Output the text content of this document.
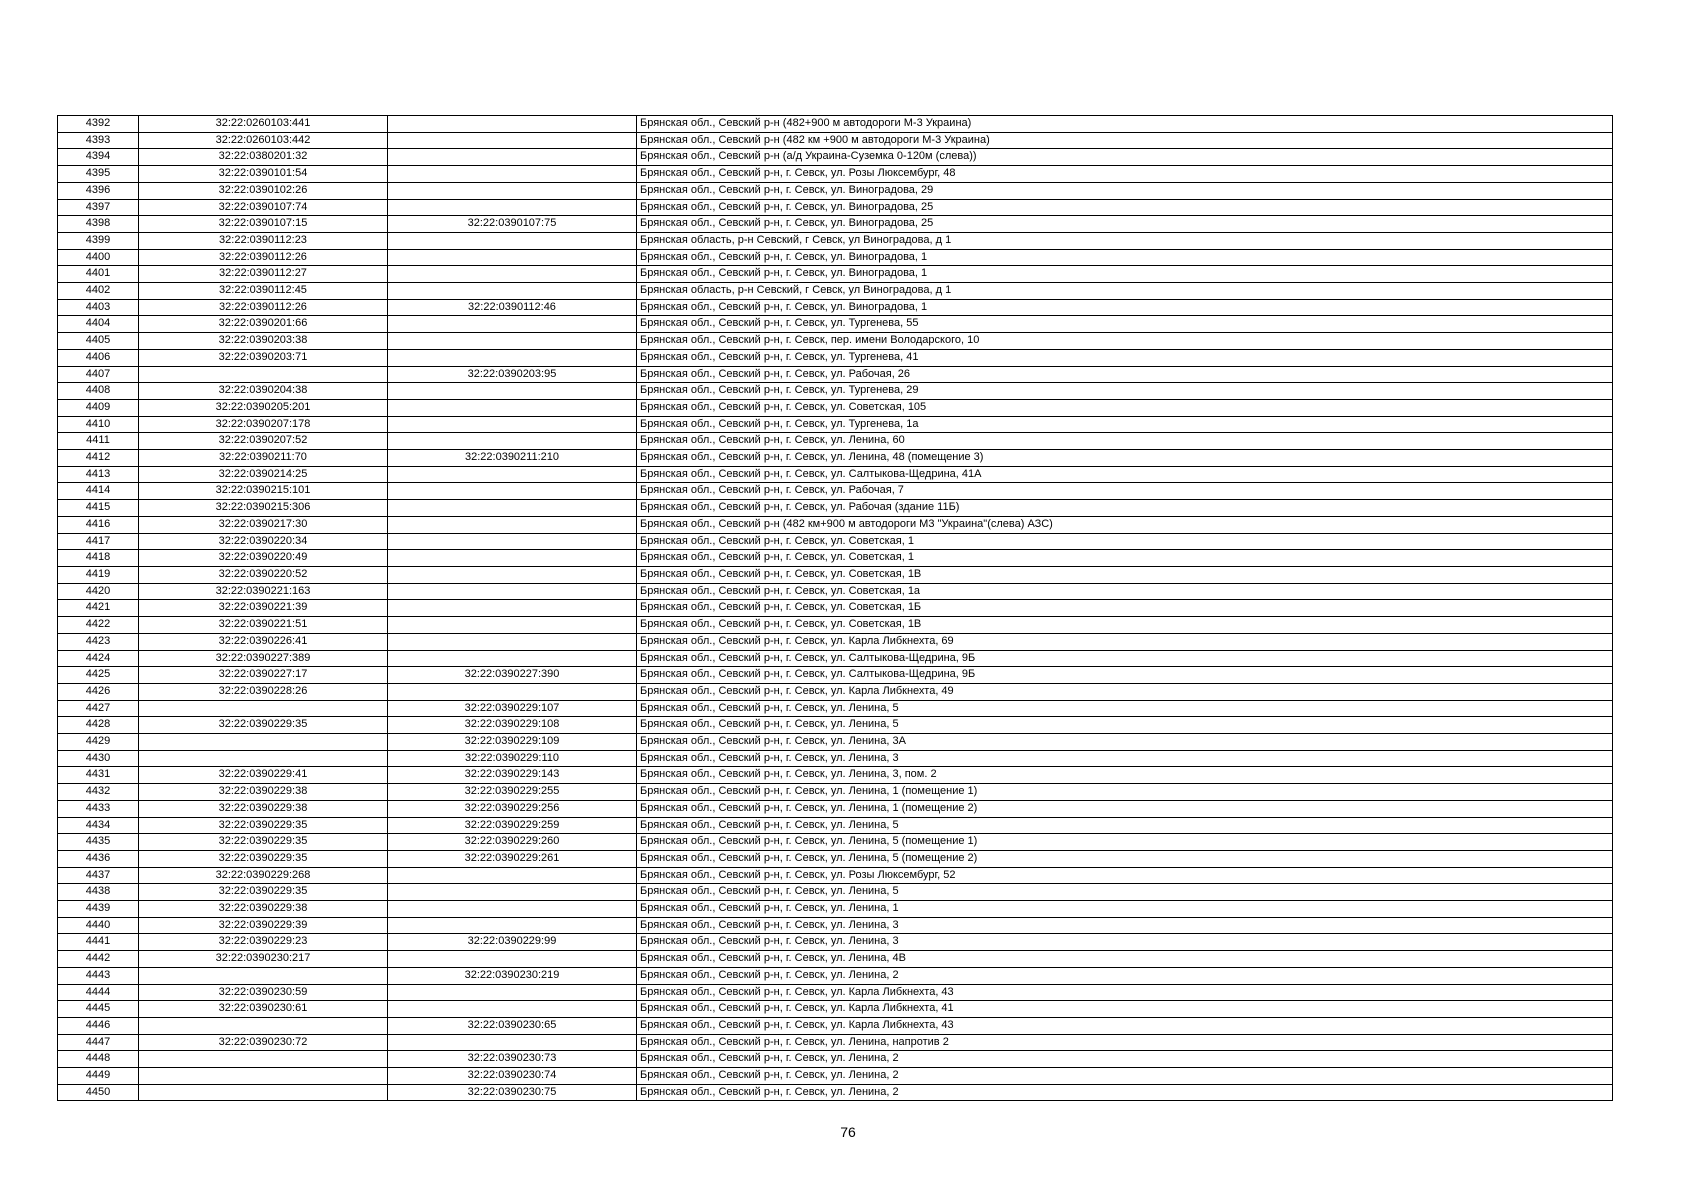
4392	32:22:0260103:441		Брянская обл., Севский р-н (482+900 м автодороги М-3 Украина)
4393	32:22:0260103:442		Брянская обл., Севский р-н (482 км +900 м автодороги М-3 Украина)
4394	32:22:0380201:32		Брянская обл., Севский р-н (а/д Украина-Суземка 0-120м (слева))
4395	32:22:0390101:54		Брянская обл., Севский р-н, г. Севск, ул. Розы Люксембург, 48
4396	32:22:0390102:26		Брянская обл., Севский р-н, г. Севск, ул. Виноградова, 29
4397	32:22:0390107:74		Брянская обл., Севский р-н, г. Севск, ул. Виноградова, 25
4398	32:22:0390107:15	32:22:0390107:75	Брянская обл., Севский р-н, г. Севск, ул. Виноградова, 25
4399	32:22:0390112:23		Брянская область, р-н Севский, г Севск, ул Виноградова, д 1
4400	32:22:0390112:26		Брянская обл., Севский р-н, г. Севск, ул. Виноградова, 1
4401	32:22:0390112:27		Брянская обл., Севский р-н, г. Севск, ул. Виноградова, 1
4402	32:22:0390112:45		Брянская область, р-н Севский, г Севск, ул Виноградова, д 1
4403	32:22:0390112:26	32:22:0390112:46	Брянская обл., Севский р-н, г. Севск, ул. Виноградова, 1
4404	32:22:0390201:66		Брянская обл., Севский р-н, г. Севск, ул. Тургенева, 55
4405	32:22:0390203:38		Брянская обл., Севский р-н, г. Севск, пер. имени Володарского, 10
4406	32:22:0390203:71		Брянская обл., Севский р-н, г. Севск, ул. Тургенева, 41
4407		32:22:0390203:95	Брянская обл., Севский р-н, г. Севск, ул. Рабочая, 26
4408	32:22:0390204:38		Брянская обл., Севский р-н, г. Севск, ул. Тургенева, 29
4409	32:22:0390205:201		Брянская обл., Севский р-н, г. Севск, ул. Советская, 105
4410	32:22:0390207:178		Брянская обл., Севский р-н, г. Севск, ул. Тургенева, 1а
4411	32:22:0390207:52		Брянская обл., Севский р-н, г. Севск, ул. Ленина, 60
4412	32:22:0390211:70	32:22:0390211:210	Брянская обл., Севский р-н, г. Севск, ул. Ленина, 48 (помещение 3)
4413	32:22:0390214:25		Брянская обл., Севский р-н, г. Севск, ул. Салтыкова-Щедрина, 41А
4414	32:22:0390215:101		Брянская обл., Севский р-н, г. Севск, ул. Рабочая, 7
4415	32:22:0390215:306		Брянская обл., Севский р-н, г. Севск, ул. Рабочая (здание 11Б)
4416	32:22:0390217:30		Брянская обл., Севский р-н (482 км+900 м автодороги М3 "Украина"(слева) АЗС)
4417	32:22:0390220:34		Брянская обл., Севский р-н, г. Севск, ул. Советская, 1
4418	32:22:0390220:49		Брянская обл., Севский р-н, г. Севск, ул. Советская, 1
4419	32:22:0390220:52		Брянская обл., Севский р-н, г. Севск, ул. Советская, 1В
4420	32:22:0390221:163		Брянская обл., Севский р-н, г. Севск, ул. Советская, 1а
4421	32:22:0390221:39		Брянская обл., Севский р-н, г. Севск, ул. Советская, 1Б
4422	32:22:0390221:51		Брянская обл., Севский р-н, г. Севск, ул. Советская, 1В
4423	32:22:0390226:41		Брянская обл., Севский р-н, г. Севск, ул. Карла Либкнехта, 69
4424	32:22:0390227:389		Брянская обл., Севский р-н, г. Севск, ул. Салтыкова-Щедрина, 9Б
4425	32:22:0390227:17	32:22:0390227:390	Брянская обл., Севский р-н, г. Севск, ул. Салтыкова-Щедрина, 9Б
4426	32:22:0390228:26		Брянская обл., Севский р-н, г. Севск, ул. Карла Либкнехта, 49
4427		32:22:0390229:107	Брянская обл., Севский р-н, г. Севск, ул. Ленина, 5
4428	32:22:0390229:35	32:22:0390229:108	Брянская обл., Севский р-н, г. Севск, ул. Ленина, 5
4429		32:22:0390229:109	Брянская обл., Севский р-н, г. Севск, ул. Ленина, 3А
4430		32:22:0390229:110	Брянская обл., Севский р-н, г. Севск, ул. Ленина, 3
4431	32:22:0390229:41	32:22:0390229:143	Брянская обл., Севский р-н, г. Севск, ул. Ленина, 3, пом. 2
4432	32:22:0390229:38	32:22:0390229:255	Брянская обл., Севский р-н, г. Севск, ул. Ленина, 1 (помещение 1)
4433	32:22:0390229:38	32:22:0390229:256	Брянская обл., Севский р-н, г. Севск, ул. Ленина, 1 (помещение 2)
4434	32:22:0390229:35	32:22:0390229:259	Брянская обл., Севский р-н, г. Севск, ул. Ленина, 5
4435	32:22:0390229:35	32:22:0390229:260	Брянская обл., Севский р-н, г. Севск, ул. Ленина, 5 (помещение 1)
4436	32:22:0390229:35	32:22:0390229:261	Брянская обл., Севский р-н, г. Севск, ул. Ленина, 5 (помещение 2)
4437	32:22:0390229:268		Брянская обл., Севский р-н, г. Севск, ул. Розы Люксембург, 52
4438	32:22:0390229:35		Брянская обл., Севский р-н, г. Севск, ул. Ленина, 5
4439	32:22:0390229:38		Брянская обл., Севский р-н, г. Севск, ул. Ленина, 1
4440	32:22:0390229:39		Брянская обл., Севский р-н, г. Севск, ул. Ленина, 3
4441	32:22:0390229:23	32:22:0390229:99	Брянская обл., Севский р-н, г. Севск, ул. Ленина, 3
4442	32:22:0390230:217		Брянская обл., Севский р-н, г. Севск, ул. Ленина, 4В
4443		32:22:0390230:219	Брянская обл., Севский р-н, г. Севск, ул. Ленина, 2
4444	32:22:0390230:59		Брянская обл., Севский р-н, г. Севск, ул. Карла Либкнехта, 43
4445	32:22:0390230:61		Брянская обл., Севский р-н, г. Севск, ул. Карла Либкнехта, 41
4446		32:22:0390230:65	Брянская обл., Севский р-н, г. Севск, ул. Карла Либкнехта, 43
4447	32:22:0390230:72		Брянская обл., Севский р-н, г. Севск, ул. Ленина, напротив 2
4448		32:22:0390230:73	Брянская обл., Севский р-н, г. Севск, ул. Ленина, 2
4449		32:22:0390230:74	Брянская обл., Севский р-н, г. Севск, ул. Ленина, 2
4450		32:22:0390230:75	Брянская обл., Севский р-н, г. Севск, ул. Ленина, 2
76
